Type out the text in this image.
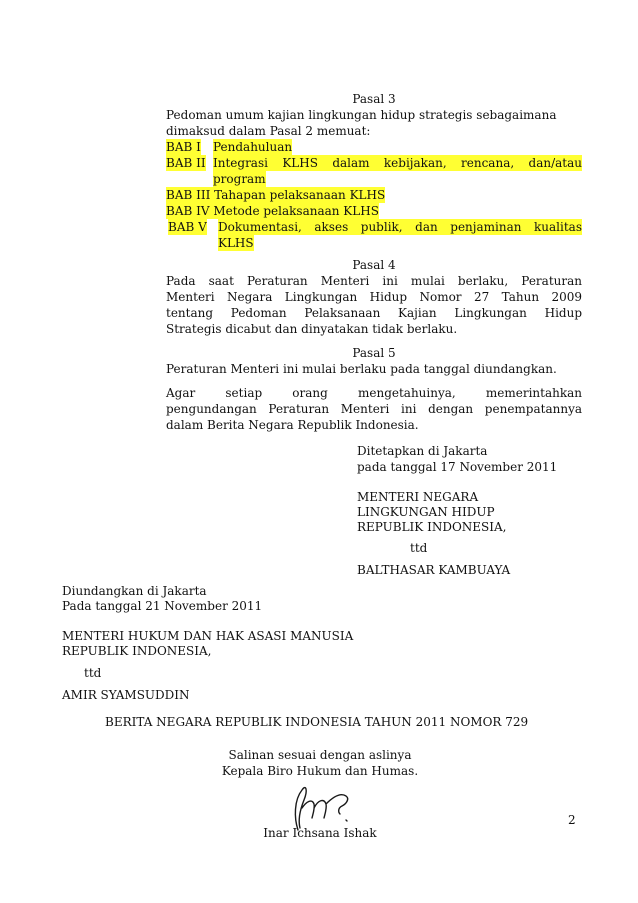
Pasal 3
Pedoman umum kajian lingkungan hidup strategis sebagaimana
dimaksud dalam Pasal 2 memuat:
BAB I Pendahuluan
BAB II Integrasi KLHS dalam kebijakan, rencana, dan/atau
program
BAB III Tahapan pelaksanaan KLHS
BAB IV Metode pelaksanaan KLHS
BAB V Dokumentasi, akses publik, dan penjaminan kualitas
KLHS
Pasal 4
Pada saat Peraturan Menteri ini mulai berlaku, Peraturan
Menteri Negara Lingkungan Hidup Nomor 27 Tahun 2009
tentang Pedoman Pelaksanaan Kajian Lingkungan Hidup
Strategis dicabut dan dinyatakan tidak berlaku.
Pasal 5
Peraturan Menteri ini mulai berlaku pada tanggal diundangkan.
Agar setiap orang mengetahuinya, memerintahkan
pengundangan Peraturan Menteri ini dengan penempatannya
dalam Berita Negara Republik Indonesia.
Ditetapkan di Jakarta
pada tanggal 17 November 2011
MENTERI NEGARA
LINGKUNGAN HIDUP
REPUBLIK INDONESIA,
ttd
BALTHASAR KAMBUAYA
Diundangkan di Jakarta
Pada tanggal 21 November 2011
MENTERI HUKUM DAN HAK ASASI MANUSIA
REPUBLIK INDONESIA,
ttd
AMIR SYAMSUDDIN
BERITA NEGARA REPUBLIK INDONESIA TAHUN 2011 NOMOR 729
Salinan sesuai dengan aslinya
Kepala Biro Hukum dan Humas.
Inar Ichsana Ishak
2
